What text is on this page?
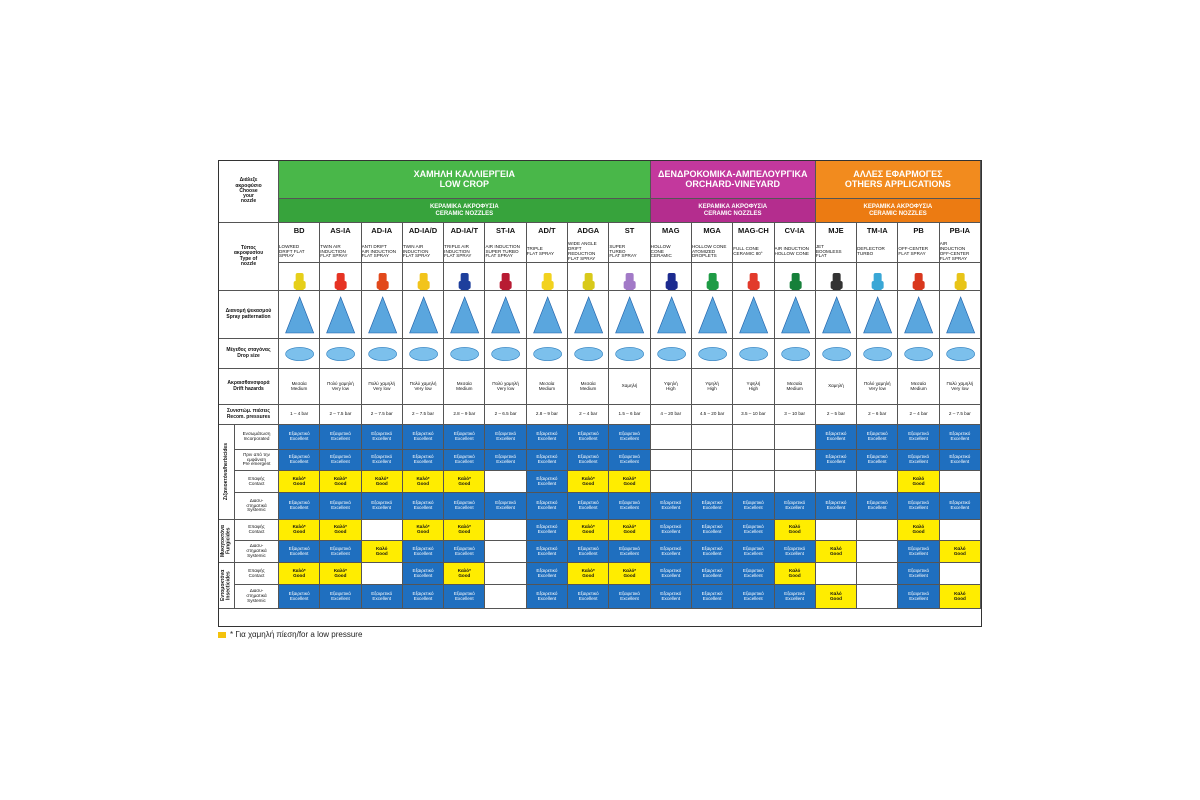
Διάλεξε
ακροφύσιο
Choose
your
nozzle
ΧΑΜΗΛΗ ΚΑΛΛΙΕΡΓΕΙΑ
LOW CROP
ΚΕΡΑΜΙΚΑ ΑΚΡΟΦΥΣΙΑ
CERAMIC NOZZLES
ΔΕΝΔΡΟΚΟΜΙΚΑ-ΑΜΠΕΛΟΥΡΓΙΚΑ
ORCHARD-VINEYARD
ΚΕΡΑΜΙΚΑ ΑΚΡΟΦΥΣΙΑ
CERAMIC NOZZLES
ΑΛΛΕΣ ΕΦΑΡΜΟΓΕΣ
OTHERS APPLICATIONS
ΚΕΡΑΜΙΚΑ ΑΚΡΟΦΥΣΙΑ
CERAMIC NOZZLES
Τύπος
ακροφυσίου
Type of
nozzle
Διανομή ψεκασμού
Spray patternation
Μέγεθος σταγόνας
Drop size
Ακραισθανσφορά
Drift hazards
Συνιστώμ. πιέσεις
Recom. pressures
BD
LOWRED
DRIFT FLAT
SPRAY
Μεσαία
Medium
1 – 4 bar
AS-IA
TWIN AIR
INDUCTION
FLAT SPRAY
Πολύ χαμηλή
Very low
2 – 7.5 bar
AD-IA
ANTI DRIFT
AIR INDUCTION
FLAT SPRAY
Πολύ χαμηλή
Very low
2 – 7.5 bar
AD-IA/D
TWIN AIR
INDUCTION
FLAT SPRAY
Πολύ χαμηλή
Very low
2 – 7.5 bar
AD-IA/T
TRIPLE AIR
INDUCTION
FLAT SPRAY
Μεσαία
Medium
2.8 – 9 bar
ST-IA
AIR INDUCTION
SUPER TURBO
FLAT SPRAY
Πολύ χαμηλή
Very low
2 – 6.5 bar
AD/T
TRIPLE
FLAT SPRAY
Μεσαία
Medium
2.8 – 9 bar
ADGA
WIDE ANGLE
DRIFT
REDUCTION
FLAT SPRAY
Μεσαία
Medium
2 – 4 bar
ST
SUPER
TURBO
FLAT SPRAY
Χαμηλή
1.5 – 6 bar
MAG
HOLLOW
CONE
CERAMIC
Υψηλή
High
4 – 20 bar
MGA
HOLLOW CONE
ATOMIZED
DROPLETS
Υψηλή
High
4.5 – 20 bar
MAG-CH
FULL CONE
CERAMIC 80°
Υψηλή
High
3.5 – 10 bar
CV-IA
AIR INDUCTION
HOLLOW CONE
Μεσαία
Medium
3 – 10 bar
MJE
JET
BOOMLESS
FLAT
Χαμηλή
2 – 5 bar
TM-IA
DEFLECTOR
TURBO
Πολύ χαμηλή
Very low
2 – 6 bar
PB
OFF-CENTER
FLAT SPRAY
Μεσαία
Medium
2 – 4 bar
PB-IA
AIR
INDUCTION
OFF-CENTER
FLAT SPRAY
Πολύ χαμηλή
Very low
2 – 7.5 bar
Ζιζανιοκτόνα/herbicides
Μυκητοκτόνα Fungicides
Εντομοκτόνα Insecticides
Ενσωμάτωση
Incorporated
Εξαιρετικό
Excellent
Εξαιρετικό
Excellent
Εξαιρετικό
Excellent
Εξαιρετικό
Excellent
Εξαιρετικό
Excellent
Εξαιρετικό
Excellent
Εξαιρετικό
Excellent
Εξαιρετικό
Excellent
Εξαιρετικό
Excellent
Εξαιρετικό
Excellent
Εξαιρετικό
Excellent
Εξαιρετικό
Excellent
Εξαιρετικό
Excellent
Πριν από την
εμφάνιση
Pre emergent
Εξαιρετικό
Excellent
Εξαιρετικό
Excellent
Εξαιρετικό
Excellent
Εξαιρετικό
Excellent
Εξαιρετικό
Excellent
Εξαιρετικό
Excellent
Εξαιρετικό
Excellent
Εξαιρετικό
Excellent
Εξαιρετικό
Excellent
Εξαιρετικό
Excellent
Εξαιρετικό
Excellent
Εξαιρετικό
Excellent
Εξαιρετικό
Excellent
Επαφής
Contact
Καλό*
Good
Καλό*
Good
Καλό*
Good
Καλό*
Good
Καλό*
Good
Εξαιρετικό
Excellent
Καλό*
Good
Καλό*
Good
Καλό
Good
Διασυ-
στηματικά
Systemic
Εξαιρετικό
Excellent
Εξαιρετικό
Excellent
Εξαιρετικό
Excellent
Εξαιρετικό
Excellent
Εξαιρετικό
Excellent
Εξαιρετικό
Excellent
Εξαιρετικό
Excellent
Εξαιρετικό
Excellent
Εξαιρετικό
Excellent
Εξαιρετικό
Excellent
Εξαιρετικό
Excellent
Εξαιρετικό
Excellent
Εξαιρετικό
Excellent
Εξαιρετικό
Excellent
Εξαιρετικό
Excellent
Εξαιρετικό
Excellent
Εξαιρετικό
Excellent
Επαφής
Contact
Καλό*
Good
Καλό*
Good
Καλό*
Good
Καλό*
Good
Εξαιρετικό
Excellent
Καλό*
Good
Καλό*
Good
Εξαιρετικό
Excellent
Εξαιρετικό
Excellent
Εξαιρετικό
Excellent
Καλό
Good
Καλό
Good
Διασυ-
στηματικά
Systemic
Εξαιρετικό
Excellent
Εξαιρετικό
Excellent
Καλό
Good
Εξαιρετικό
Excellent
Εξαιρετικό
Excellent
Εξαιρετικό
Excellent
Εξαιρετικό
Excellent
Εξαιρετικό
Excellent
Εξαιρετικό
Excellent
Εξαιρετικό
Excellent
Εξαιρετικό
Excellent
Εξαιρετικό
Excellent
Καλό
Good
Εξαιρετικό
Excellent
Καλό
Good
Επαφής
Contact
Καλό*
Good
Καλό*
Good
Εξαιρετικό
Excellent
Καλό*
Good
Εξαιρετικό
Excellent
Καλό*
Good
Καλό*
Good
Εξαιρετικό
Excellent
Εξαιρετικό
Excellent
Εξαιρετικό
Excellent
Καλό
Good
Εξαιρετικό
Excellent
Διασυ-
στηματικά
Systemic
Εξαιρετικό
Excellent
Εξαιρετικό
Excellent
Εξαιρετικό
Excellent
Εξαιρετικό
Excellent
Εξαιρετικό
Excellent
Εξαιρετικό
Excellent
Εξαιρετικό
Excellent
Εξαιρετικό
Excellent
Εξαιρετικό
Excellent
Εξαιρετικό
Excellent
Εξαιρετικό
Excellent
Εξαιρετικό
Excellent
Καλό
Good
Εξαιρετικό
Excellent
Καλό
Good
* Για χαμηλή πίεση/for a low pressure
